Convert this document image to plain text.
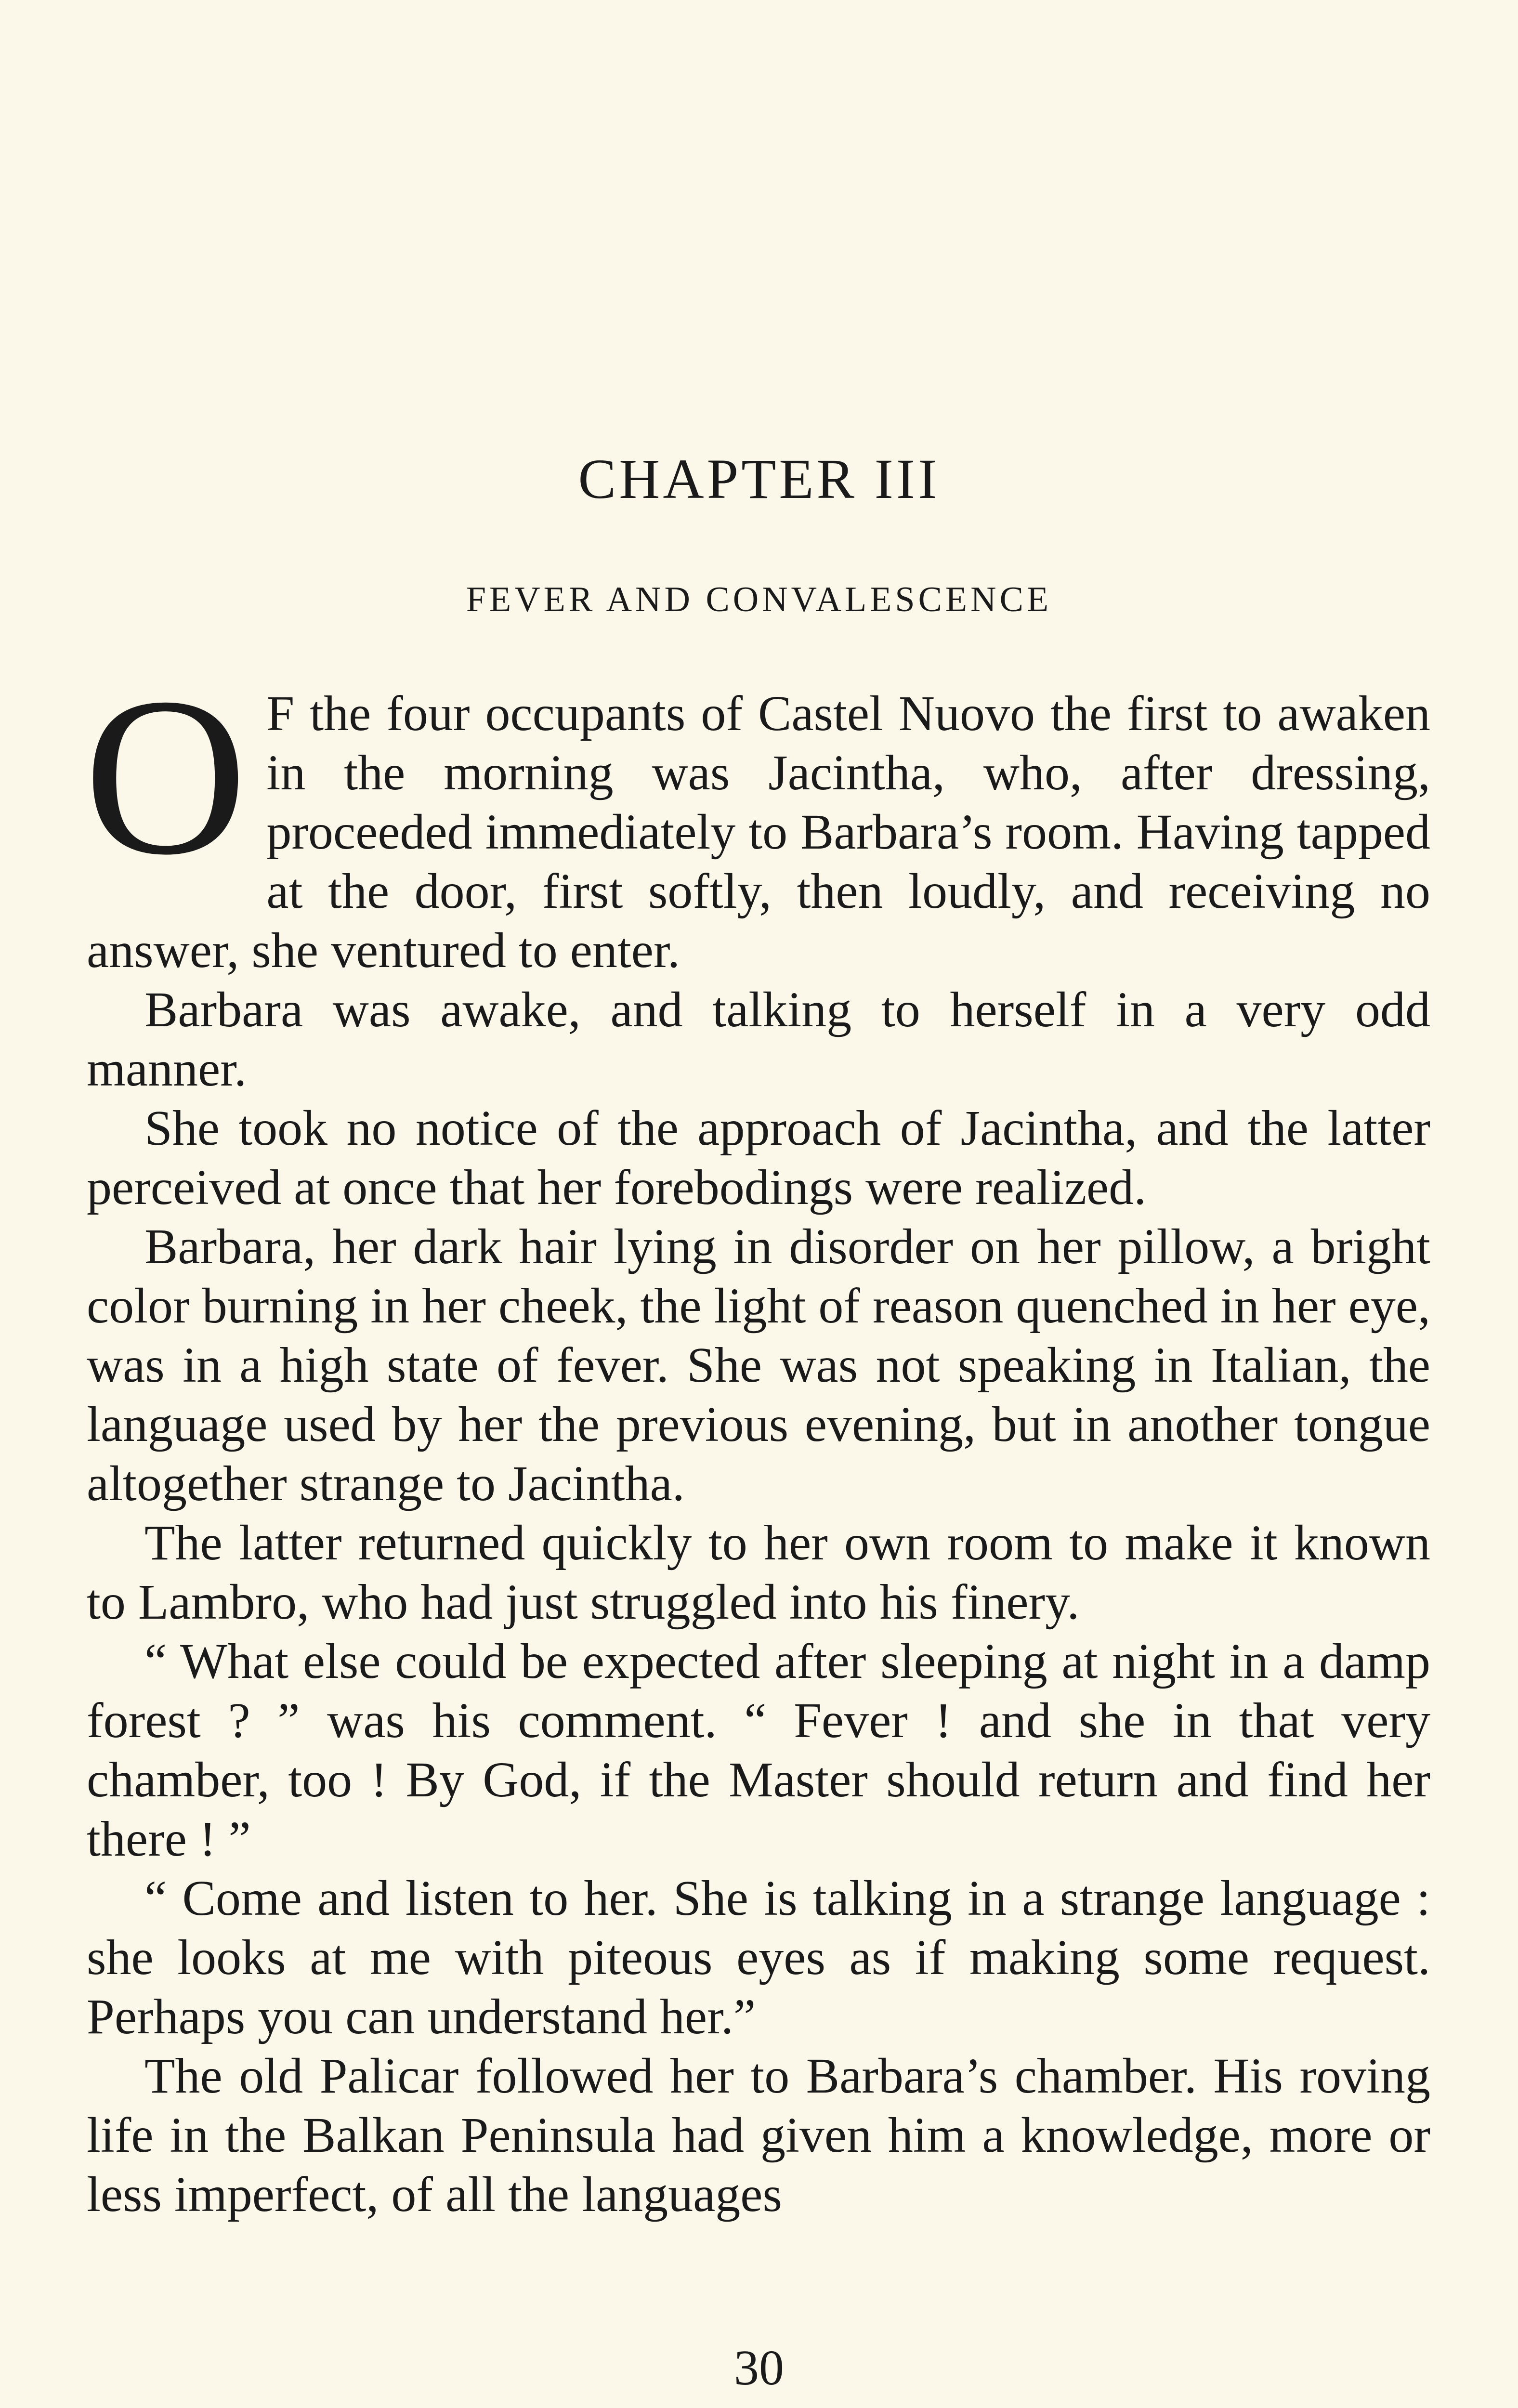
CHAPTER III
FEVER AND CONVALESCENCE

O F the four occupants of Castel Nuovo the first to awaken in the morning was Jacintha, who, after dressing, proceeded immediately to Barbara’s room. Having tapped at the door, first softly, then loudly, and receiving no answer, she ventured to enter.

Barbara was awake, and talking to herself in a very odd manner.

She took no notice of the approach of Jacintha, and the latter perceived at once that her forebodings were realized.

Barbara, her dark hair lying in disorder on her pillow, a bright color burning in her cheek, the light of reason quenched in her eye, was in a high state of fever. She was not speaking in Italian, the language used by her the previous evening, but in another tongue altogether strange to Jacintha.

The latter returned quickly to her own room to make it known to Lambro, who had just struggled into his finery.

“ What else could be expected after sleeping at night in a damp forest ? ” was his comment. “ Fever ! and she in that very chamber, too ! By God, if the Master should return and find her there ! ”

“ Come and listen to her. She is talking in a strange language : she looks at me with piteous eyes as if making some request. Perhaps you can understand her.”

The old Palicar followed her to Barbara’s chamber. His roving life in the Balkan Peninsula had given him a knowledge, more or less imperfect, of all the languages

30
